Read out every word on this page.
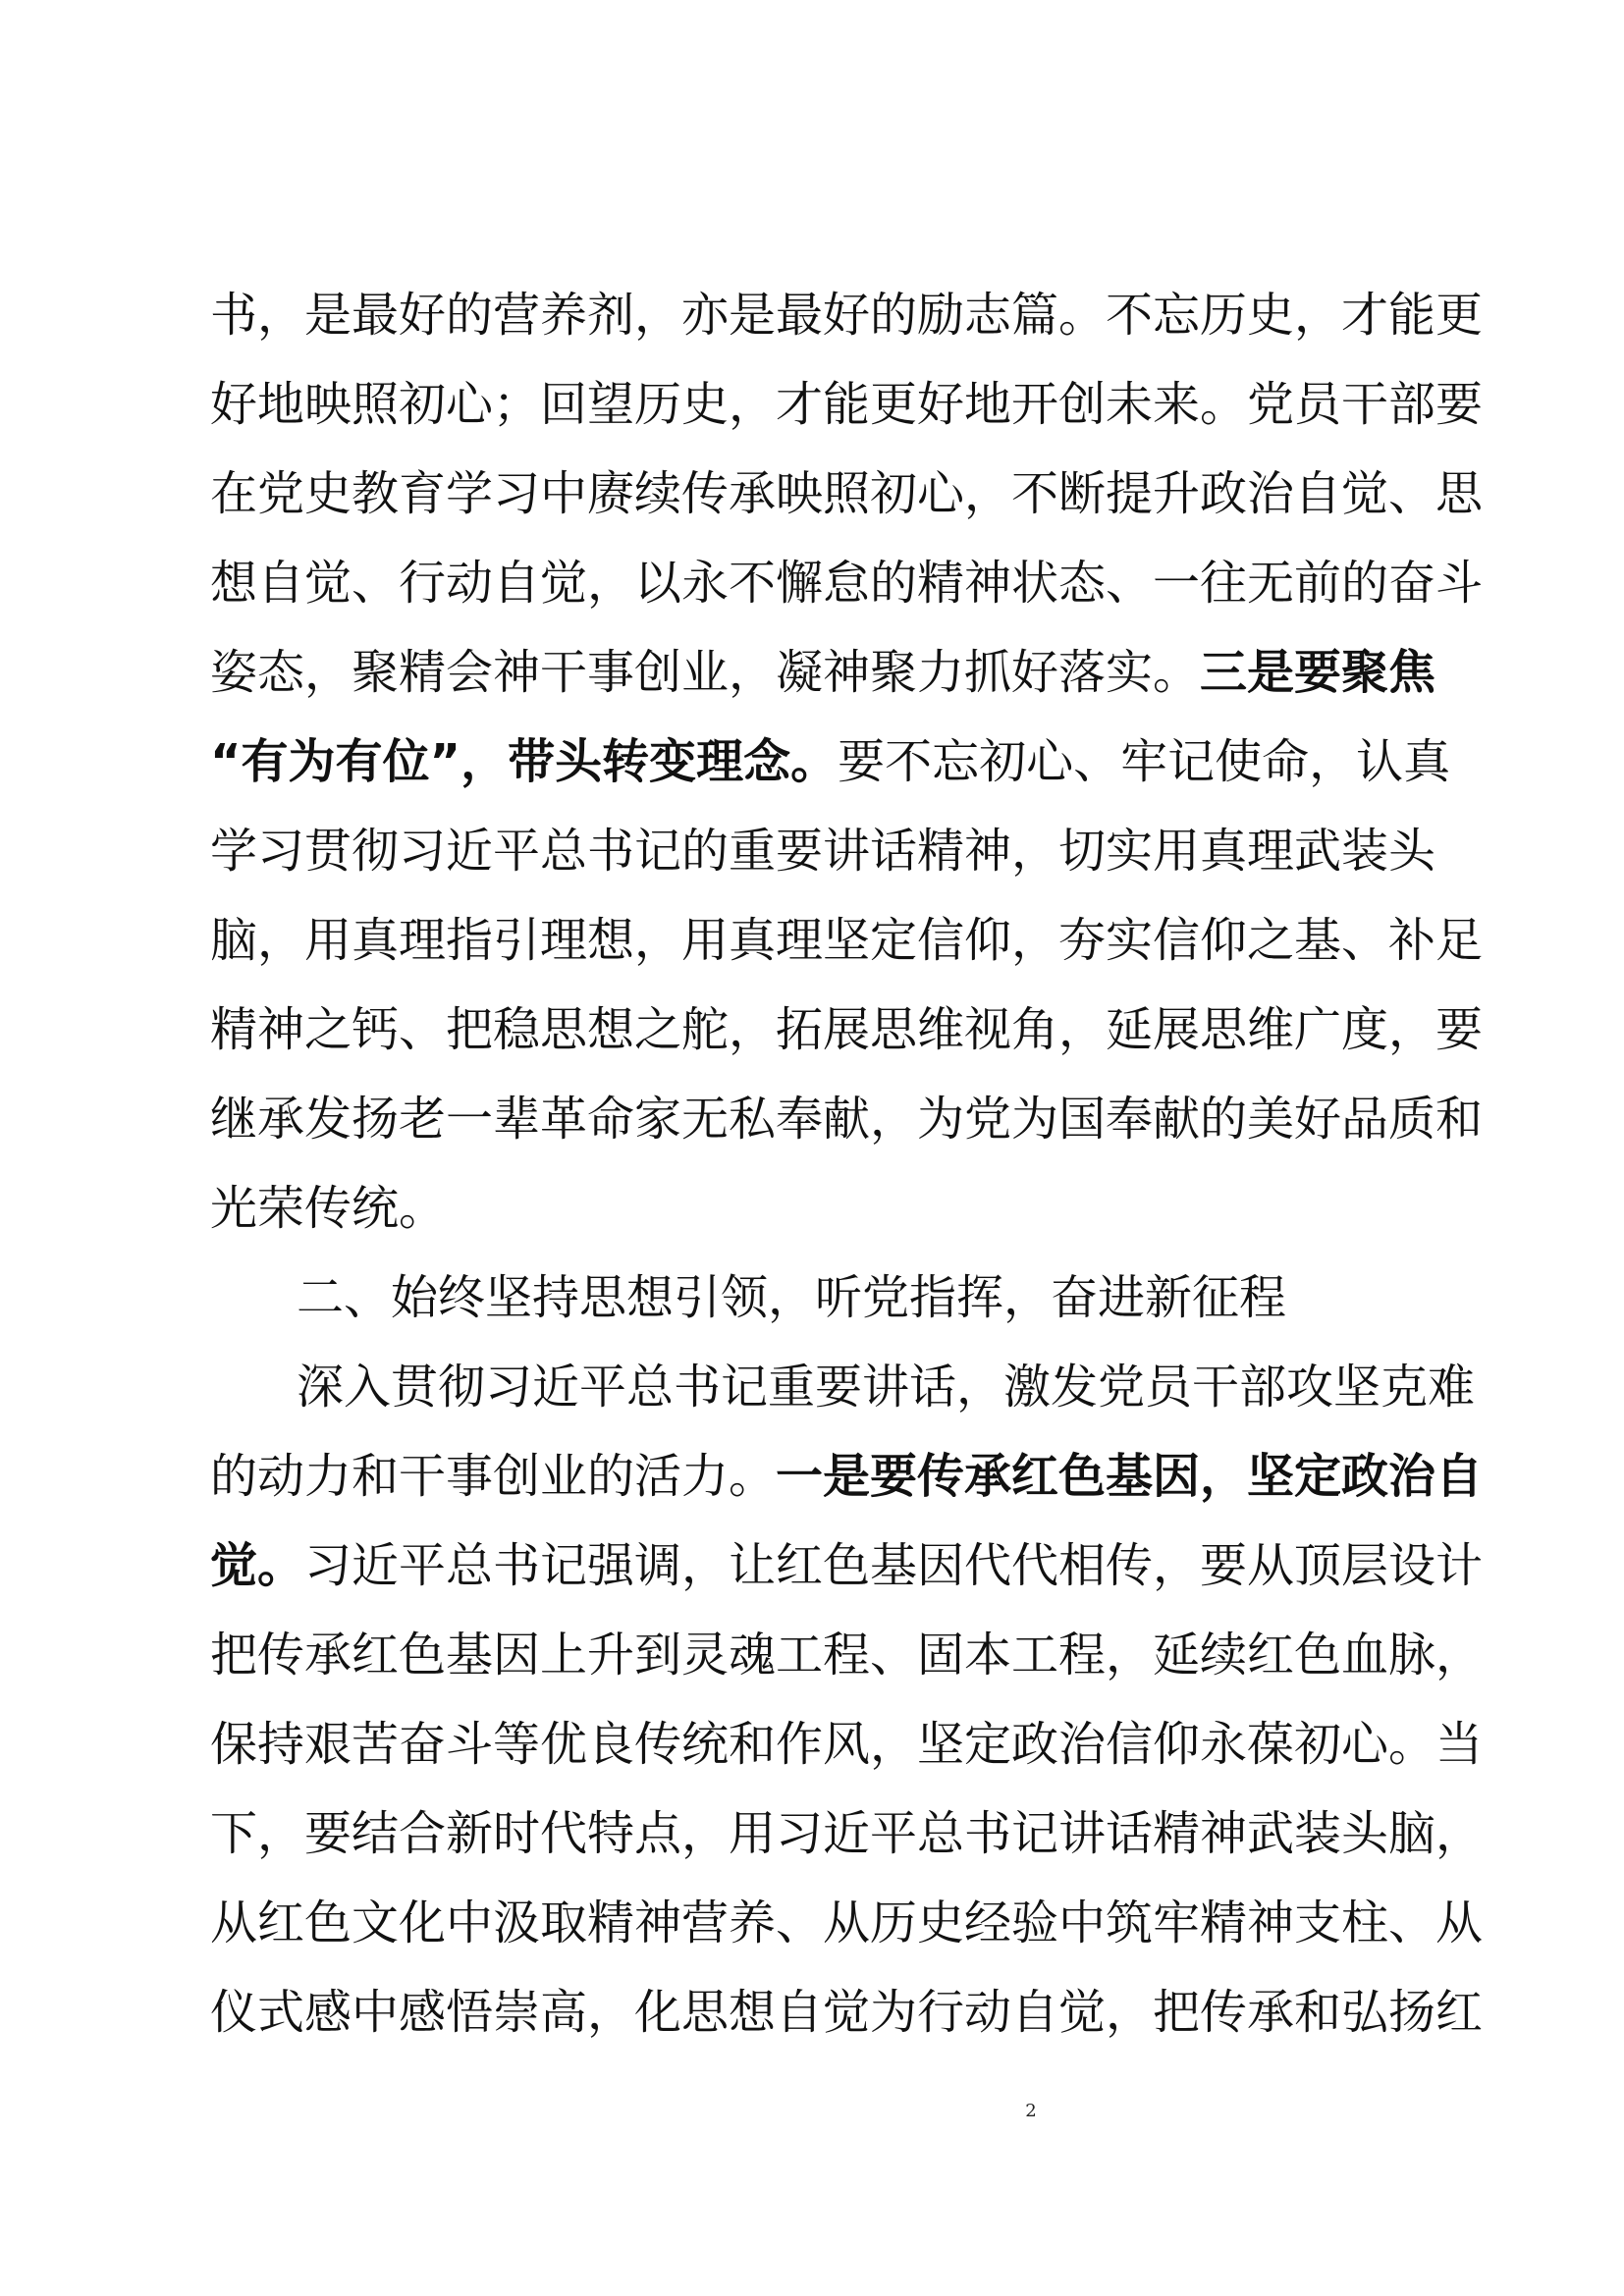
书，是最好的营养剂，亦是最好的励志篇。不忘历史，才能更
好地映照初心；回望历史，才能更好地开创未来。党员干部要
在党史教育学习中赓续传承映照初心，不断提升政治自觉、思
想自觉、行动自觉，以永不懈怠的精神状态、一往无前的奋斗
姿态，聚精会神干事创业，凝神聚力抓好落实。三是要聚焦
“有为有位”，带头转变理念。要不忘初心、牢记使命，认真
学习贯彻习近平总书记的重要讲话精神，切实用真理武装头
脑，用真理指引理想，用真理坚定信仰，夯实信仰之基、补足
精神之钙、把稳思想之舵，拓展思维视角，延展思维广度，要
继承发扬老一辈革命家无私奉献，为党为国奉献的美好品质和
光荣传统。
二、始终坚持思想引领，听党指挥，奋进新征程
深入贯彻习近平总书记重要讲话，激发党员干部攻坚克难
的动力和干事创业的活力。一是要传承红色基因，坚定政治自
觉。习近平总书记强调，让红色基因代代相传，要从顶层设计
把传承红色基因上升到灵魂工程、固本工程，延续红色血脉，
保持艰苦奋斗等优良传统和作风，坚定政治信仰永葆初心。当
下，要结合新时代特点，用习近平总书记讲话精神武装头脑，
从红色文化中汲取精神营养、从历史经验中筑牢精神支柱、从
仪式感中感悟崇高，化思想自觉为行动自觉，把传承和弘扬红
2
